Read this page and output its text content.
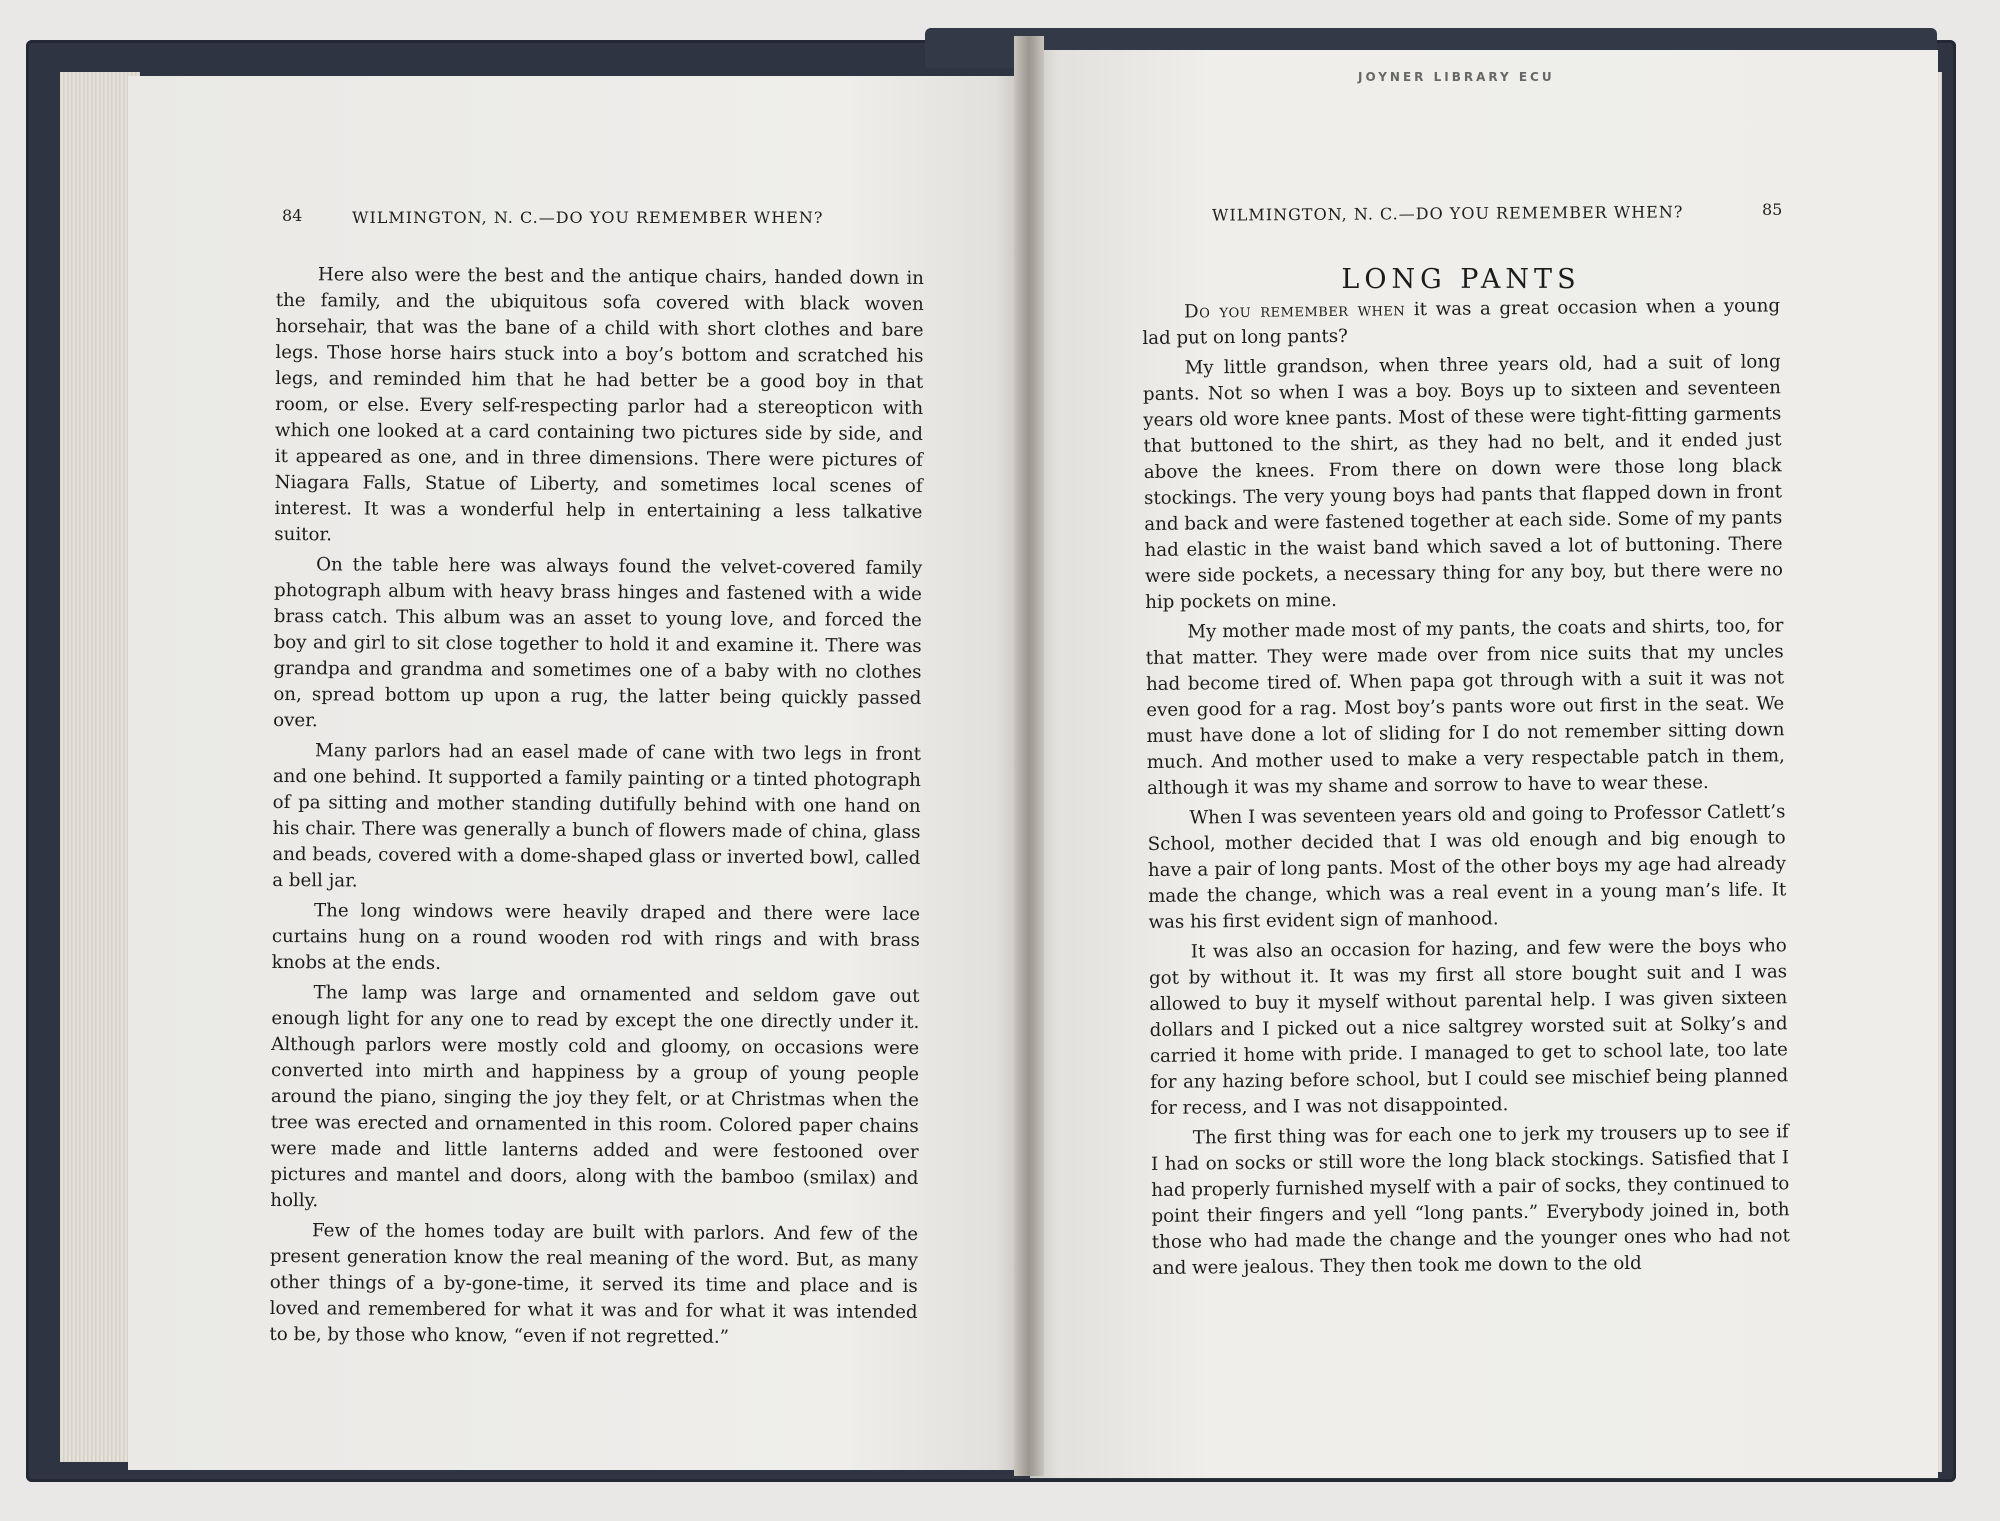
JOYNER LIBRARY ECU
84	WILMINGTON, N. C.—DO YOU REMEMBER WHEN?

Here also were the best and the antique chairs, handed down in the family, and the ubiquitous sofa covered with black woven horsehair, that was the bane of a child with short clothes and bare legs. Those horse hairs stuck into a boy’s bottom and scratched his legs, and reminded him that he had better be a good boy in that room, or else. Every self-respecting parlor had a stereopticon with which one looked at a card containing two pictures side by side, and it appeared as one, and in three dimensions. There were pictures of Niagara Falls, Statue of Liberty, and sometimes local scenes of interest. It was a wonderful help in entertaining a less talkative suitor.

On the table here was always found the velvet-covered family photograph album with heavy brass hinges and fastened with a wide brass catch. This album was an asset to young love, and forced the boy and girl to sit close together to hold it and examine it. There was grandpa and grandma and sometimes one of a baby with no clothes on, spread bottom up upon a rug, the latter being quickly passed over.

Many parlors had an easel made of cane with two legs in front and one behind. It supported a family painting or a tinted photograph of pa sitting and mother standing dutifully behind with one hand on his chair. There was generally a bunch of flowers made of china, glass and beads, covered with a dome-shaped glass or inverted bowl, called a bell jar.

The long windows were heavily draped and there were lace curtains hung on a round wooden rod with rings and with brass knobs at the ends.

The lamp was large and ornamented and seldom gave out enough light for any one to read by except the one directly under it. Although parlors were mostly cold and gloomy, on occasions were converted into mirth and happiness by a group of young people around the piano, singing the joy they felt, or at Christmas when the tree was erected and ornamented in this room. Colored paper chains were made and little lanterns added and were festooned over pictures and mantel and doors, along with the bamboo (smilax) and holly.

Few of the homes today are built with parlors. And few of the present generation know the real meaning of the word. But, as many other things of a by-gone-time, it served its time and place and is loved and remembered for what it was and for what it was intended to be, by those who know, “even if not regretted.”

WILMINGTON, N. C.—DO YOU REMEMBER WHEN?	85
LONG PANTS

Do you remember when it was a great occasion when a young lad put on long pants?

My little grandson, when three years old, had a suit of long pants. Not so when I was a boy. Boys up to sixteen and seventeen years old wore knee pants. Most of these were tight-fitting garments that buttoned to the shirt, as they had no belt, and it ended just above the knees. From there on down were those long black stockings. The very young boys had pants that flapped down in front and back and were fastened together at each side. Some of my pants had elastic in the waist band which saved a lot of buttoning. There were side pockets, a necessary thing for any boy, but there were no hip pockets on mine.

My mother made most of my pants, the coats and shirts, too, for that matter. They were made over from nice suits that my uncles had become tired of. When papa got through with a suit it was not even good for a rag. Most boy’s pants wore out first in the seat. We must have done a lot of sliding for I do not remember sitting down much. And mother used to make a very respectable patch in them, although it was my shame and sorrow to have to wear these.

When I was seventeen years old and going to Professor Catlett’s School, mother decided that I was old enough and big enough to have a pair of long pants. Most of the other boys my age had already made the change, which was a real event in a young man’s life. It was his first evident sign of manhood.

It was also an occasion for hazing, and few were the boys who got by without it. It was my first all store bought suit and I was allowed to buy it myself without parental help. I was given sixteen dollars and I picked out a nice saltgrey worsted suit at Solky’s and carried it home with pride. I managed to get to school late, too late for any hazing before school, but I could see mischief being planned for recess, and I was not disappointed.

The first thing was for each one to jerk my trousers up to see if I had on socks or still wore the long black stockings. Satisfied that I had properly furnished myself with a pair of socks, they continued to point their fingers and yell “long pants.” Everybody joined in, both those who had made the change and the younger ones who had not and were jealous. They then took me down to the old
